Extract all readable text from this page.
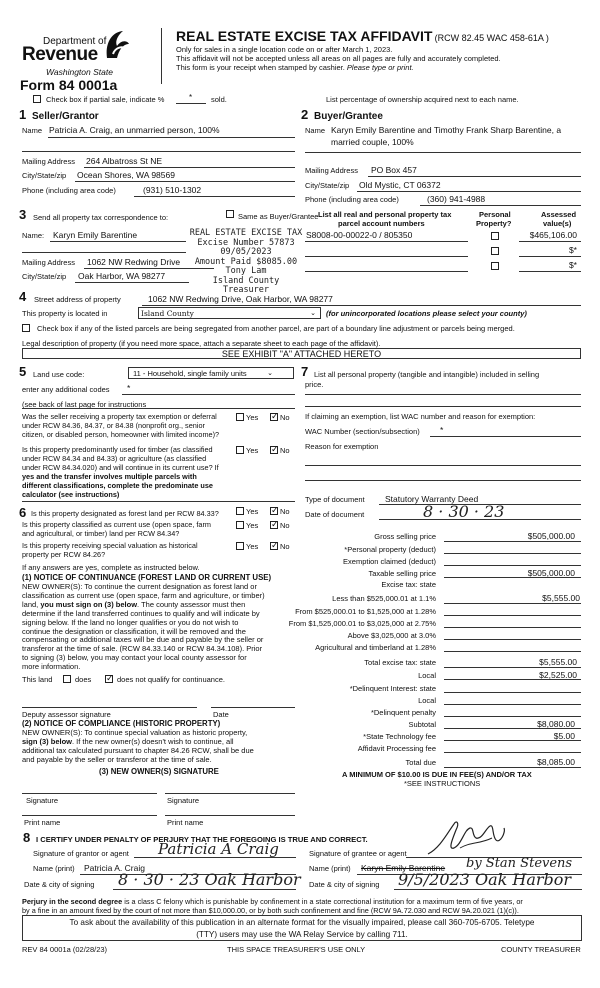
Department of
Revenue
Washington State
Form 84 0001a
REAL ESTATE EXCISE TAX AFFIDAVIT (RCW 82.45 WAC 458-61A )
Only for sales in a single location code on or after March 1, 2023.
This affidavit will not be accepted unless all areas on all pages are fully and accurately completed.
This form is your receipt when stamped by cashier. Please type or print.
Check box if partial sale, indicate %	*	sold.	List percentage of ownership acquired next to each name.
1 Seller/Grantor
Name Patricia A. Craig, an unmarried person, 100%
Mailing Address 264 Albatross St NE
City/State/zip Ocean Shores, WA 98569
Phone (including area code)	(931) 510-1302
2 Buyer/Grantee
Name Karyn Emily Barentine and Timothy Frank Sharp Barentine, a
married couple, 100%
Mailing Address PO Box 457
City/State/zip Old Mystic, CT 06372
Phone (including area code)	(360) 941-4988
3 Send all property tax correspondence to:	Same as Buyer/Grantee
Name: Karyn Emily Barentine
Mailing Address 1062 NW Redwing Drive
City/State/zip Oak Harbor, WA 98277
REAL ESTATE EXCISE TAX
Excise Number 57873
09/05/2023
Amount Paid $8085.00
Tony Lam
Island County Treasurer
List all real and personal property tax
parcel account numbers
Personal
Property?
Assessed
value(s)
S8008-00-00022-0 / 805350	$465,106.00
$*
$*
4 Street address of property	1062 NW Redwing Drive, Oak Harbor, WA 98277
This property is located in	Island County	⌄ (for unincorporated locations please select your county)
Check box if any of the listed parcels are being segregated from another parcel, are part of a boundary line adjustment or parcels being merged.
Legal description of property (if you need more space, attach a separate sheet to each page of the affidavit).
SEE EXHIBIT "A" ATTACHED HERETO
5 Land use code:	11 - Household, single family units	⌄
enter any additional codes *
(see back of last page for instructions
Was the seller receiving a property tax exemption or deferral
under RCW 84.36, 84.37, or 84.38 (nonprofit org., senior
citizen, or disabled person, homeowner with limited income)?
Yes ✓	No
Is this property predominantly used for timber (as classified
under RCW 84.34 and 84.33) or agriculture (as classified
under RCW 84.34.020) and will continue in its current use? If
yes and the transfer involves multiple parcels with
different classifications, complete the predominate use
calculator (see instructions)
Yes ✓	No
6 Is this property designated as forest land per RCW 84.33?	Yes ✓	No
Is this property classified as current use (open space, farm
and agricultural, or timber) land per RCW 84.34?
Yes ✓	No
Is this property receiving special valuation as historical
property per RCW 84.26?
Yes ✓	No
If any answers are yes, complete as instructed below.
(1) NOTICE OF CONTINUANCE (FOREST LAND OR CURRENT USE)
NEW OWNER(S): To continue the current designation as forest land or
classification as current use (open space, farm and agriculture, or timber)
land, you must sign on (3) below. The county assessor must then
determine if the land transferred continues to qualify and will indicate by
signing below. If the land no longer qualifies or you do not wish to
continue the designation or classification, it will be removed and the
compensating or additional taxes will be due and payable by the seller or
transferor at the time of sale. (RCW 84.33.140 or RCW 84.34.108). Prior
to signing (3) below, you may contact your local county assessor for
more information.
This land	does ✓	does not qualify for continuance.
Deputy assessor signature	Date
(2) NOTICE OF COMPLIANCE (HISTORIC PROPERTY)
NEW OWNER(S): To continue special valuation as historic property,
sign (3) below. If the new owner(s) doesn't wish to continue, all
additional tax calculated pursuant to chapter 84.26 RCW, shall be due
and payable by the seller or transferor at the time of sale.
(3) NEW OWNER(S) SIGNATURE
Signature	Signature
Print name	Print name
7 List all personal property (tangible and intangible) included in selling
price.
If claiming an exemption, list WAC number and reason for exemption:
WAC Number (section/subsection) *
Reason for exemption
Type of document Statutory Warranty Deed
Date of document	8 · 30 · 23
Gross selling price	$505,000.00
*Personal property (deduct)
Exemption claimed (deduct)
Taxable selling price	$505,000.00
Excise tax: state
Less than $525,000.01 at 1.1%	$5,555.00
From $525,000.01 to $1,525,000 at 1.28%
From $1,525,000.01 to $3,025,000 at 2.75%
Above $3,025,000 at 3.0%
Agricultural and timberland at 1.28%
Total excise tax: state	$5,555.00
Local	$2,525.00
*Delinquent Interest: state
Local
*Delinquent penalty
Subtotal	$8,080.00
*State Technology fee	$5.00
Affidavit Processing fee
Total due	$8,085.00
A MINIMUM OF $10.00 IS DUE IN FEE(S) AND/OR TAX
*SEE INSTRUCTIONS
8 I CERTIFY UNDER PENALTY OF PERJURY THAT THE FOREGOING IS TRUE AND CORRECT.
Signature of grantor or agent Patricia A Craig	Signature of grantee or agent
Name (print) Patricia A. Craig	Name (print) Karyn Emily Barentine by Stan Stevens
Date & city of signing 8 · 30 · 23 Oak Harbor Date & city of signing 9/5/2023 Oak Harbor
Perjury in the second degree is a class C felony which is punishable by confinement in a state correctional institution for a maximum term of five years, or
by a fine in an amount fixed by the court of not more than $10,000.00, or by both such confinement and fine (RCW 9A.72.030 and RCW 9A.20.021 (1)(c)).
To ask about the availability of this publication in an alternate format for the visually impaired, please call 360-705-6705. Teletype
(TTY) users may use the WA Relay Service by calling 711.
REV 84 0001a (02/28/23)	THIS SPACE TREASURER'S USE ONLY	COUNTY TREASURER
